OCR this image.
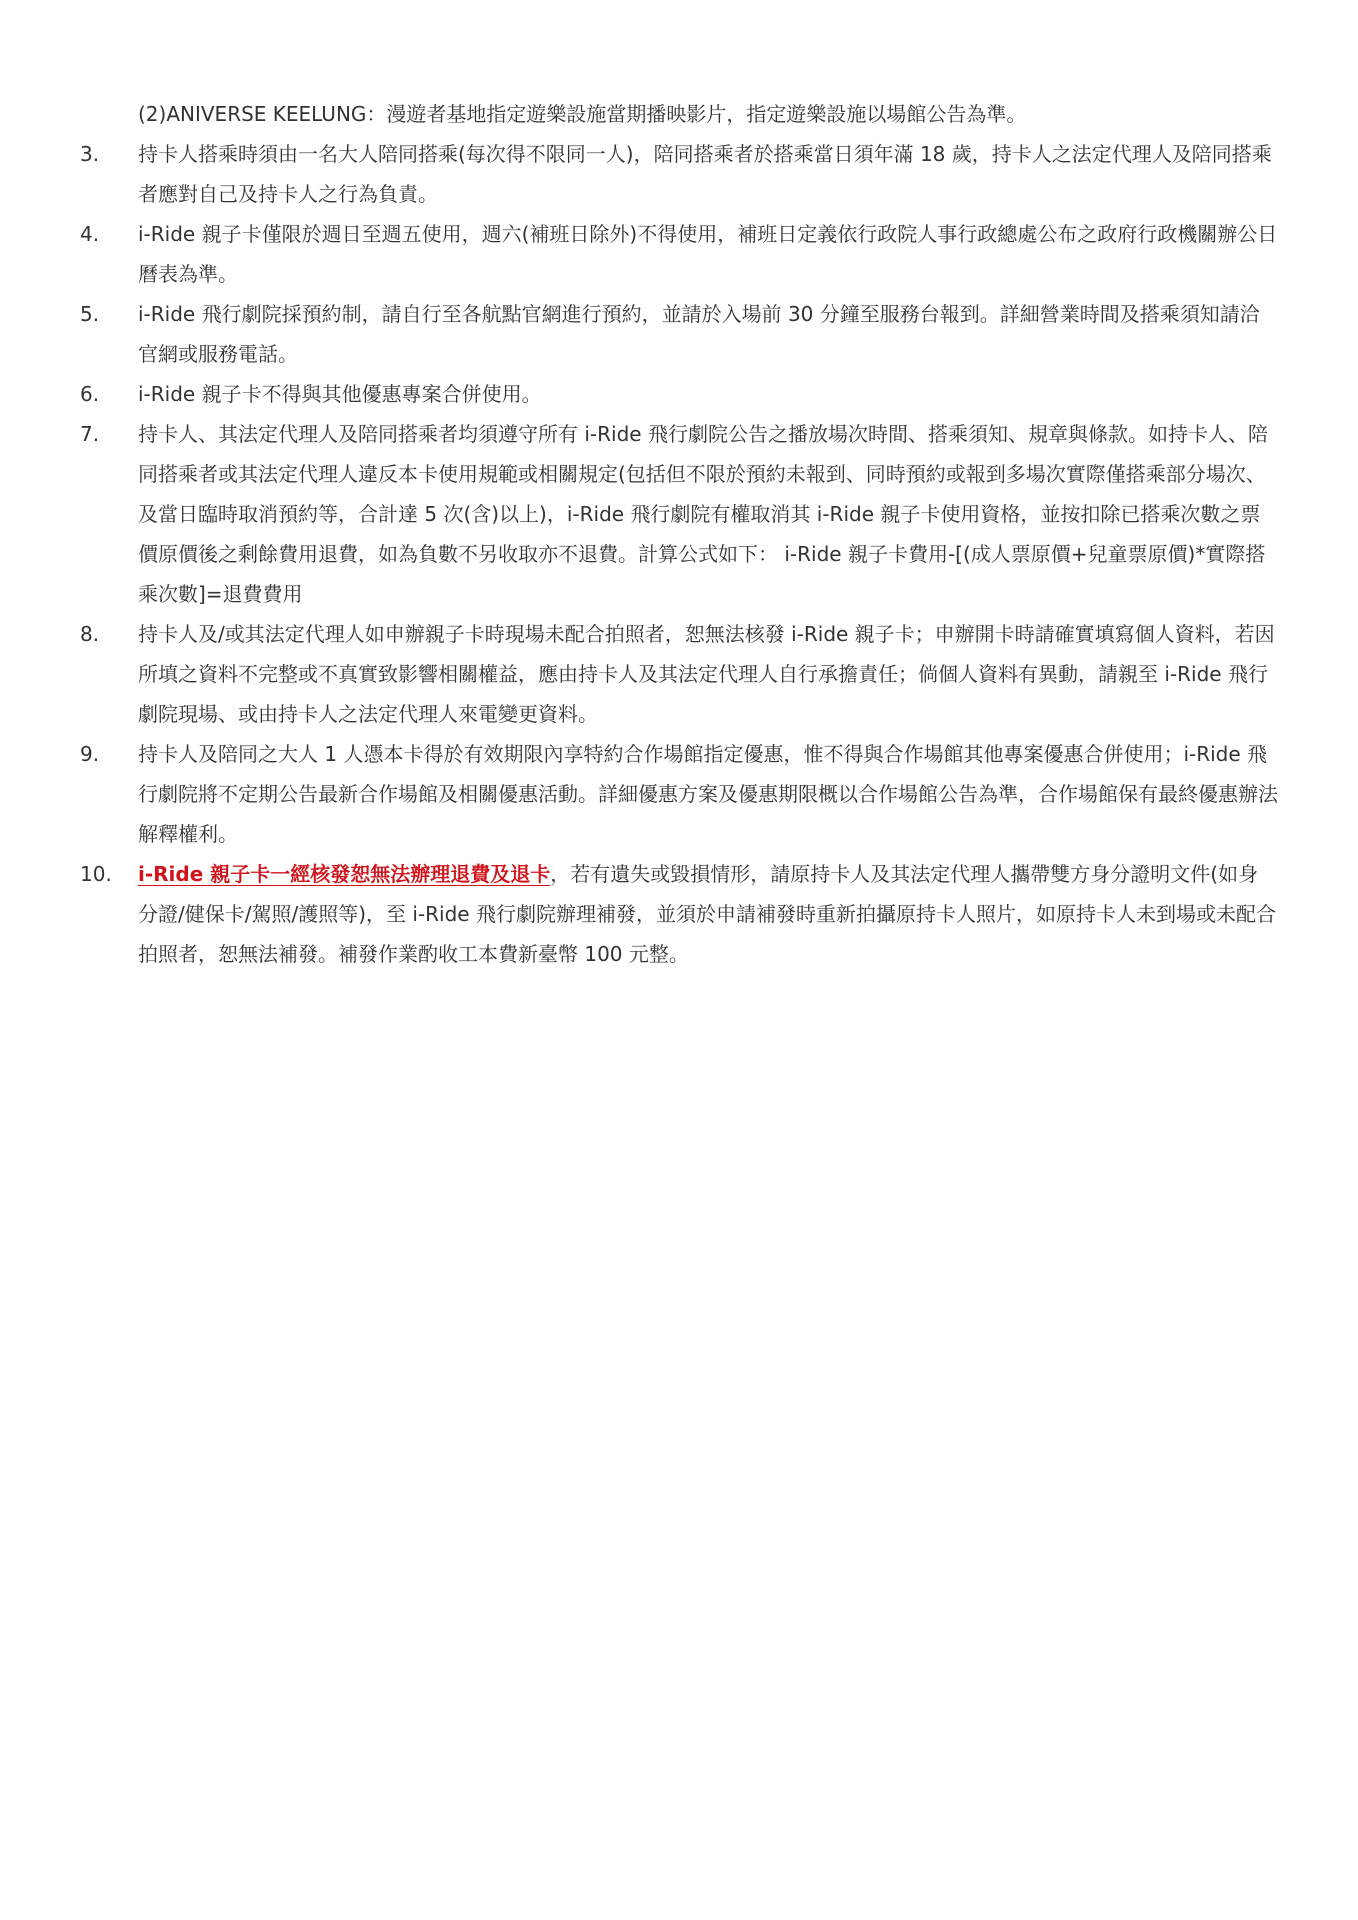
(2)ANIVERSE KEELUNG：漫遊者基地指定遊樂設施當期播映影片，指定遊樂設施以場館公告為準。
3.	持卡人搭乘時須由一名大人陪同搭乘(每次得不限同一人)，陪同搭乘者於搭乘當日須年滿 18 歲，持卡人之法定代理人及陪同搭乘者應對自己及持卡人之行為負責。
4.	i-Ride 親子卡僅限於週日至週五使用，週六(補班日除外)不得使用，補班日定義依行政院人事行政總處公布之政府行政機關辦公日曆表為準。
5.	i-Ride 飛行劇院採預約制，請自行至各航點官網進行預約，並請於入場前 30 分鐘至服務台報到。詳細營業時間及搭乘須知請洽官網或服務電話。
6.	i-Ride 親子卡不得與其他優惠專案合併使用。
7.	持卡人、其法定代理人及陪同搭乘者均須遵守所有 i-Ride 飛行劇院公告之播放場次時間、搭乘須知、規章與條款。如持卡人、陪同搭乘者或其法定代理人違反本卡使用規範或相關規定(包括但不限於預約未報到、同時預約或報到多場次實際僅搭乘部分場次、及當日臨時取消預約等，合計達 5 次(含)以上)，i-Ride 飛行劇院有權取消其 i-Ride 親子卡使用資格，並按扣除已搭乘次數之票價原價後之剩餘費用退費，如為負數不另收取亦不退費。計算公式如下： i-Ride 親子卡費用-[(成人票原價+兒童票原價)*實際搭乘次數]=退費費用
8.	持卡人及/或其法定代理人如申辦親子卡時現場未配合拍照者，恕無法核發 i-Ride 親子卡；申辦開卡時請確實填寫個人資料，若因所填之資料不完整或不真實致影響相關權益，應由持卡人及其法定代理人自行承擔責任；倘個人資料有異動，請親至 i-Ride 飛行劇院現場、或由持卡人之法定代理人來電變更資料。
9.	持卡人及陪同之大人 1 人憑本卡得於有效期限內享特約合作場館指定優惠，惟不得與合作場館其他專案優惠合併使用；i-Ride 飛行劇院將不定期公告最新合作場館及相關優惠活動。詳細優惠方案及優惠期限概以合作場館公告為準，合作場館保有最終優惠辦法解釋權利。
10.	i-Ride 親子卡一經核發恕無法辦理退費及退卡，若有遺失或毀損情形，請原持卡人及其法定代理人攜帶雙方身分證明文件(如身分證/健保卡/駕照/護照等)，至 i-Ride 飛行劇院辦理補發，並須於申請補發時重新拍攝原持卡人照片，如原持卡人未到場或未配合拍照者，恕無法補發。補發作業酌收工本費新臺幣 100 元整。
